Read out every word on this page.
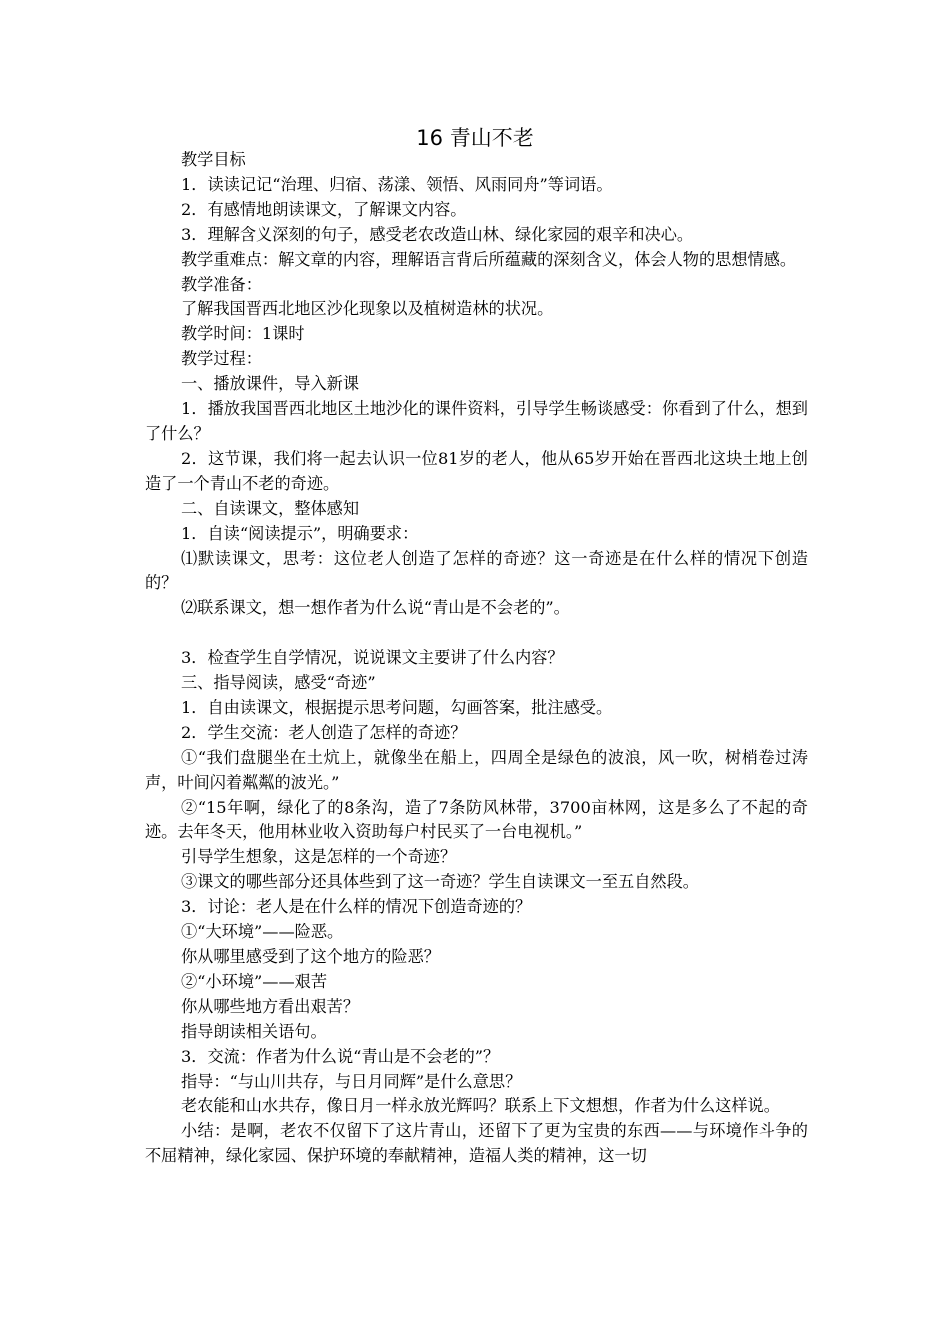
16 青山不老

教学目标

1．读读记记“治理、归宿、荡漾、领悟、风雨同舟”等词语。

2．有感情地朗读课文，了解课文内容。

3．理解含义深刻的句子，感受老农改造山林、绿化家园的艰辛和决心。

教学重难点：解文章的内容，理解语言背后所蕴藏的深刻含义，体会人物的思想情感。

教学准备：

了解我国晋西北地区沙化现象以及植树造林的状况。

教学时间：1课时

教学过程：

一、播放课件，导入新课

1．播放我国晋西北地区土地沙化的课件资料，引导学生畅谈感受：你看到了什么，想到了什么？

2．这节课，我们将一起去认识一位81岁的老人，他从65岁开始在晋西北这块土地上创造了一个青山不老的奇迹。

二、自读课文，整体感知

1．自读“阅读提示”，明确要求：

⑴默读课文，思考：这位老人创造了怎样的奇迹？这一奇迹是在什么样的情况下创造的？

⑵联系课文，想一想作者为什么说“青山是不会老的”。

3．检查学生自学情况，说说课文主要讲了什么内容？

三、指导阅读，感受“奇迹”

1．自由读课文，根据提示思考问题，勾画答案，批注感受。

2．学生交流：老人创造了怎样的奇迹？

①“我们盘腿坐在土炕上，就像坐在船上，四周全是绿色的波浪，风一吹，树梢卷过涛声，叶间闪着粼粼的波光。”

②“15年啊，绿化了的8条沟，造了7条防风林带，3700亩林网，这是多么了不起的奇迹。去年冬天，他用林业收入资助每户村民买了一台电视机。”

引导学生想象，这是怎样的一个奇迹？

③课文的哪些部分还具体些到了这一奇迹？学生自读课文一至五自然段。

3．讨论：老人是在什么样的情况下创造奇迹的？

①“大环境”——险恶。

你从哪里感受到了这个地方的险恶？

②“小环境”——艰苦

你从哪些地方看出艰苦？

指导朗读相关语句。

3．交流：作者为什么说“青山是不会老的”？

指导：“与山川共存，与日月同辉”是什么意思？

老农能和山水共存，像日月一样永放光辉吗？联系上下文想想，作者为什么这样说。

小结：是啊，老农不仅留下了这片青山，还留下了更为宝贵的东西——与环境作斗争的不屈精神，绿化家园、保护环境的奉献精神，造福人类的精神，这一切
